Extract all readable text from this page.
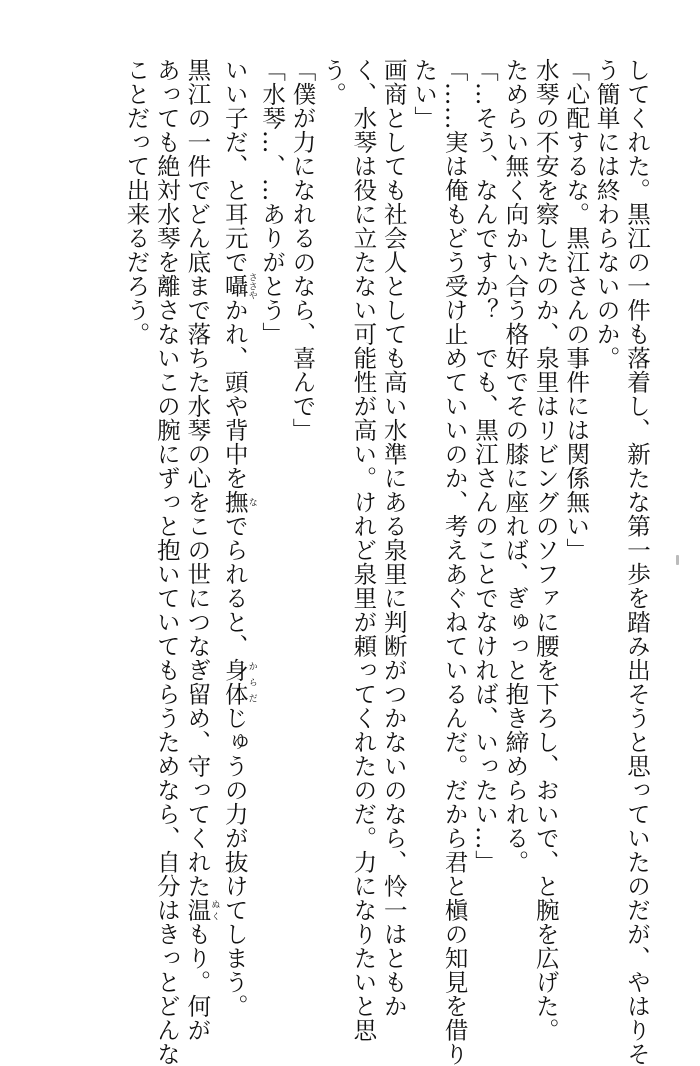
してくれた。黒江の一件も落着し、新たな第一歩を踏み出そうと思っていたのだが、やはりそ

う簡単には終わらないのか。

「心配するな。黒江さんの事件には関係無い」

水琴の不安を察したのか、泉里はリビングのソファに腰を下ろし、おいで、と腕を広げた。

ためらい無く向かい合う格好でその膝に座れば、ぎゅっと抱き締められる。

「…そう、なんですか？　でも、黒江さんのことでなければ、いったい…」

「……実は俺もどう受け止めていいのか、考えあぐねているんだ。だから君と槇の知見を借り

たい」

画商としても社会人としても高い水準にある泉里に判断がつかないのなら、怜一はともか

く、水琴は役に立たない可能性が高い。けれど泉里が頼ってくれたのだ。力になりたいと思

う。

「僕が力になれるのなら、喜んで」

「水琴…、…ありがとう」

いい子だ、と耳元で囁ささやかれ、頭や背中を撫なでられると、身体からだじゅうの力が抜けてしまう。

黒江の一件でどん底まで落ちた水琴の心をこの世につなぎ留め、守ってくれた温ぬくもり。何が

あっても絶対水琴を離さないこの腕にずっと抱いていてもらうためなら、自分はきっとどんな

ことだって出来るだろう。
